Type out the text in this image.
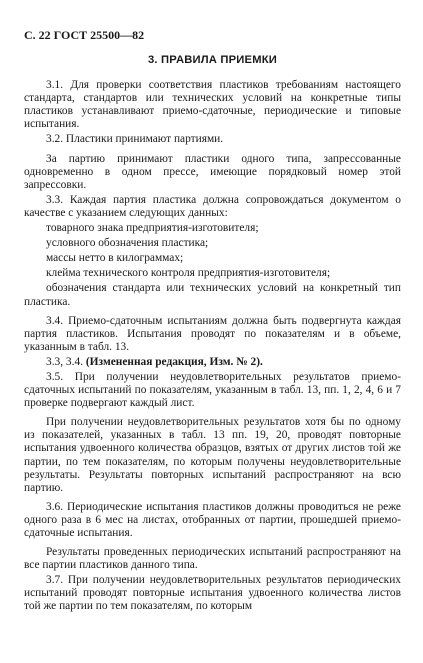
С. 22 ГОСТ 25500—82
3. ПРАВИЛА ПРИЕМКИ

3.1. Для проверки соответствия пластиков требованиям настоящего стандарта, стандартов или технических условий на конкретные типы пластиков устанавливают приемо-сдаточные, периодические и типовые испытания.

3.2. Пластики принимают партиями.

За партию принимают пластики одного типа, запрессованные одновременно в одном прессе, имеющие порядковый номер этой запрессовки.

3.3. Каждая партия пластика должна сопровождаться документом о качестве с указанием следующих данных:

товарного знака предприятия-изготовителя;

условного обозначения пластика;

массы нетто в килограммах;

клейма технического контроля предприятия-изготовителя;

обозначения стандарта или технических условий на конкретный тип пластика.

3.4. Приемо-сдаточным испытаниям должна быть подвергнута каждая партия пластиков. Испытания проводят по показателям и в объеме, указанным в табл. 13.

3.3, 3.4. (Измененная редакция, Изм. № 2).

3.5. При получении неудовлетворительных результатов приемо-сдаточных испытаний по показателям, указанным в табл. 13, пп. 1, 2, 4, 6 и 7 проверке подвергают каждый лист.

При получении неудовлетворительных результатов хотя бы по одному из показателей, указанных в табл. 13 пп. 19, 20, проводят повторные испытания удвоенного количества образцов, взятых от других листов той же партии, по тем показателям, по которым получены неудовлетворительные результаты. Результаты повторных испытаний распространяют на всю партию.

3.6. Периодические испытания пластиков должны проводиться не реже одного раза в 6 мес на листах, отобранных от партии, прошедшей приемо-сдаточные испытания.

Результаты проведенных периодических испытаний распространяют на все партии пластиков данного типа.

3.7. При получении неудовлетворительных результатов периодических испытаний проводят повторные испытания удвоенного количества листов той же партии по тем показателям, по которым
